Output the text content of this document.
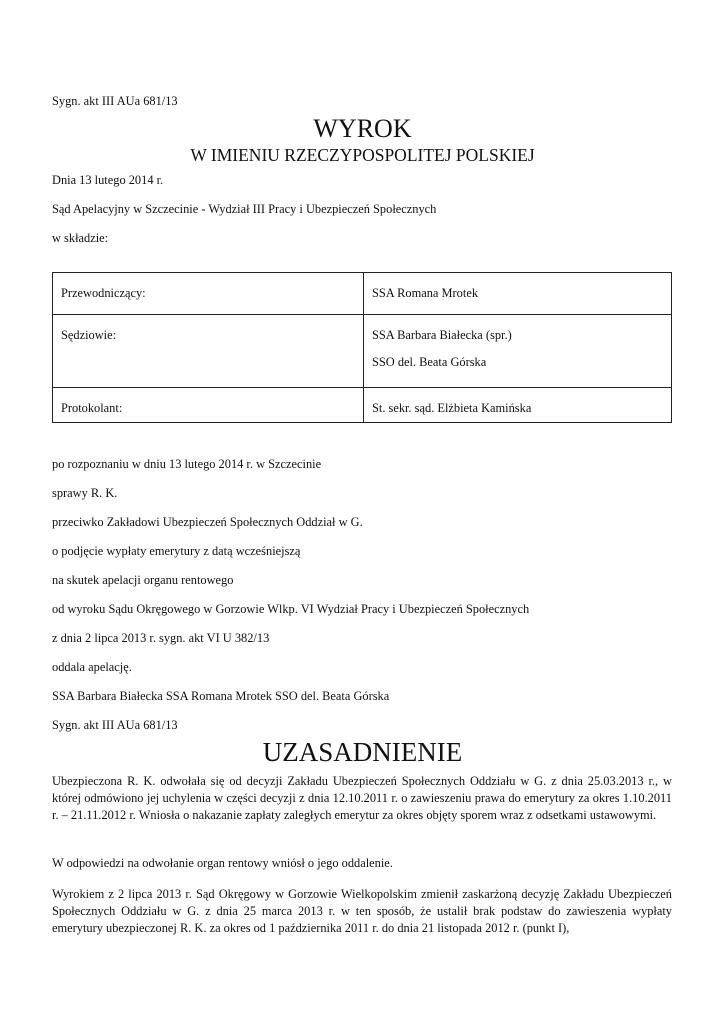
Sygn. akt III AUa 681/13
WYROK
W IMIENIU RZECZYPOSPOLITEJ POLSKIEJ
Dnia 13 lutego 2014 r.
Sąd Apelacyjny w Szczecinie - Wydział III Pracy i Ubezpieczeń Społecznych
w składzie:
Przewodniczący:	SSA Romana Mrotek

Sędziowie:	SSA Barbara Białecka (spr.)
SSO del. Beata Górska

Protokolant:	St. sekr. sąd. Elżbieta Kamińska
po rozpoznaniu w dniu 13 lutego 2014 r. w Szczecinie
sprawy R. K.
przeciwko Zakładowi Ubezpieczeń Społecznych Oddział w G.
o podjęcie wypłaty emerytury z datą wcześniejszą
na skutek apelacji organu rentowego
od wyroku Sądu Okręgowego w Gorzowie Wlkp. VI Wydział Pracy i Ubezpieczeń Społecznych
z dnia 2 lipca 2013 r. sygn. akt VI U 382/13
oddala apelację.
SSA Barbara Białecka SSA Romana Mrotek SSO del. Beata Górska
Sygn. akt III AUa 681/13
UZASADNIENIE
Ubezpieczona R. K. odwołała się od decyzji Zakładu Ubezpieczeń Społecznych Oddziału w G. z dnia 25.03.2013 r., w której odmówiono jej uchylenia w części decyzji z dnia 12.10.2011 r. o zawieszeniu prawa do emerytury za okres 1.10.2011 r. – 21.11.2012 r. Wniosła o nakazanie zapłaty zaległych emerytur za okres objęty sporem wraz z odsetkami ustawowymi.
W odpowiedzi na odwołanie organ rentowy wniósł o jego oddalenie.
Wyrokiem z 2 lipca 2013 r. Sąd Okręgowy w Gorzowie Wielkopolskim zmienił zaskarżoną decyzję Zakładu Ubezpieczeń Społecznych Oddziału w G. z dnia 25 marca 2013 r. w ten sposób, że ustalił brak podstaw do zawieszenia wypłaty emerytury ubezpieczonej R. K. za okres od 1 października 2011 r. do dnia 21 listopada 2012 r. (punkt I),
